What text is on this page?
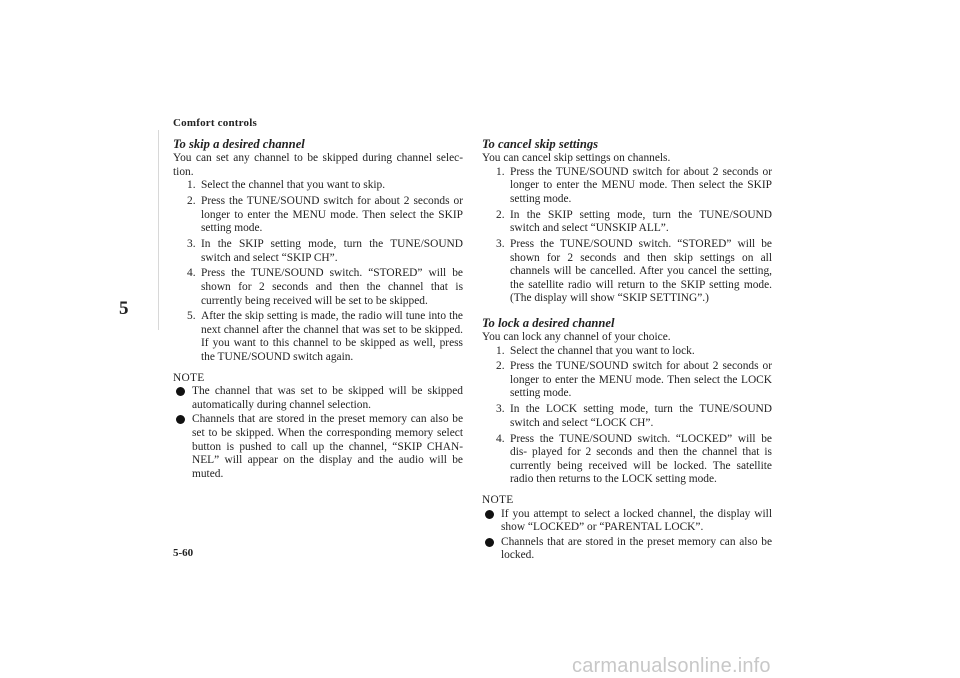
Comfort controls
5

To skip a desired channel

You can set any channel to be skipped during channel selec- tion.

1. Select the channel that you want to skip.
2. Press the TUNE/SOUND switch for about 2 seconds or longer to enter the MENU mode. Then select the SKIP setting mode.
3. In the SKIP setting mode, turn the TUNE/SOUND switch and select “SKIP CH”.
4. Press the TUNE/SOUND switch. “STORED” will be shown for 2 seconds and then the channel that is currently being received will be set to be skipped.
5. After the skip setting is made, the radio will tune into the next channel after the channel that was set to be skipped. If you want to this channel to be skipped as well, press the TUNE/SOUND switch again.
NOTE
The channel that was set to be skipped will be skipped automatically during channel selection.
Channels that are stored in the preset memory can also be set to be skipped. When the corresponding memory select button is pushed to call up the channel, “SKIP CHAN- NEL” will appear on the display and the audio will be muted.

To cancel skip settings

You can cancel skip settings on channels.

1. Press the TUNE/SOUND switch for about 2 seconds or longer to enter the MENU mode. Then select the SKIP setting mode.
2. In the SKIP setting mode, turn the TUNE/SOUND switch and select “UNSKIP ALL”.
3. Press the TUNE/SOUND switch. “STORED” will be shown for 2 seconds and then skip settings on all channels will be cancelled. After you cancel the setting, the satellite radio will return to the SKIP setting mode. (The display will show “SKIP SETTING”.)

To lock a desired channel

You can lock any channel of your choice.

1. Select the channel that you want to lock.
2. Press the TUNE/SOUND switch for about 2 seconds or longer to enter the MENU mode. Then select the LOCK setting mode.
3. In the LOCK setting mode, turn the TUNE/SOUND switch and select “LOCK CH”.
4. Press the TUNE/SOUND switch. “LOCKED” will be dis- played for 2 seconds and then the channel that is currently being received will be locked. The satellite radio then returns to the LOCK setting mode.
NOTE
If you attempt to select a locked channel, the display will show “LOCKED” or “PARENTAL LOCK”.
Channels that are stored in the preset memory can also be locked.
5-60
carmanualsonline.info
